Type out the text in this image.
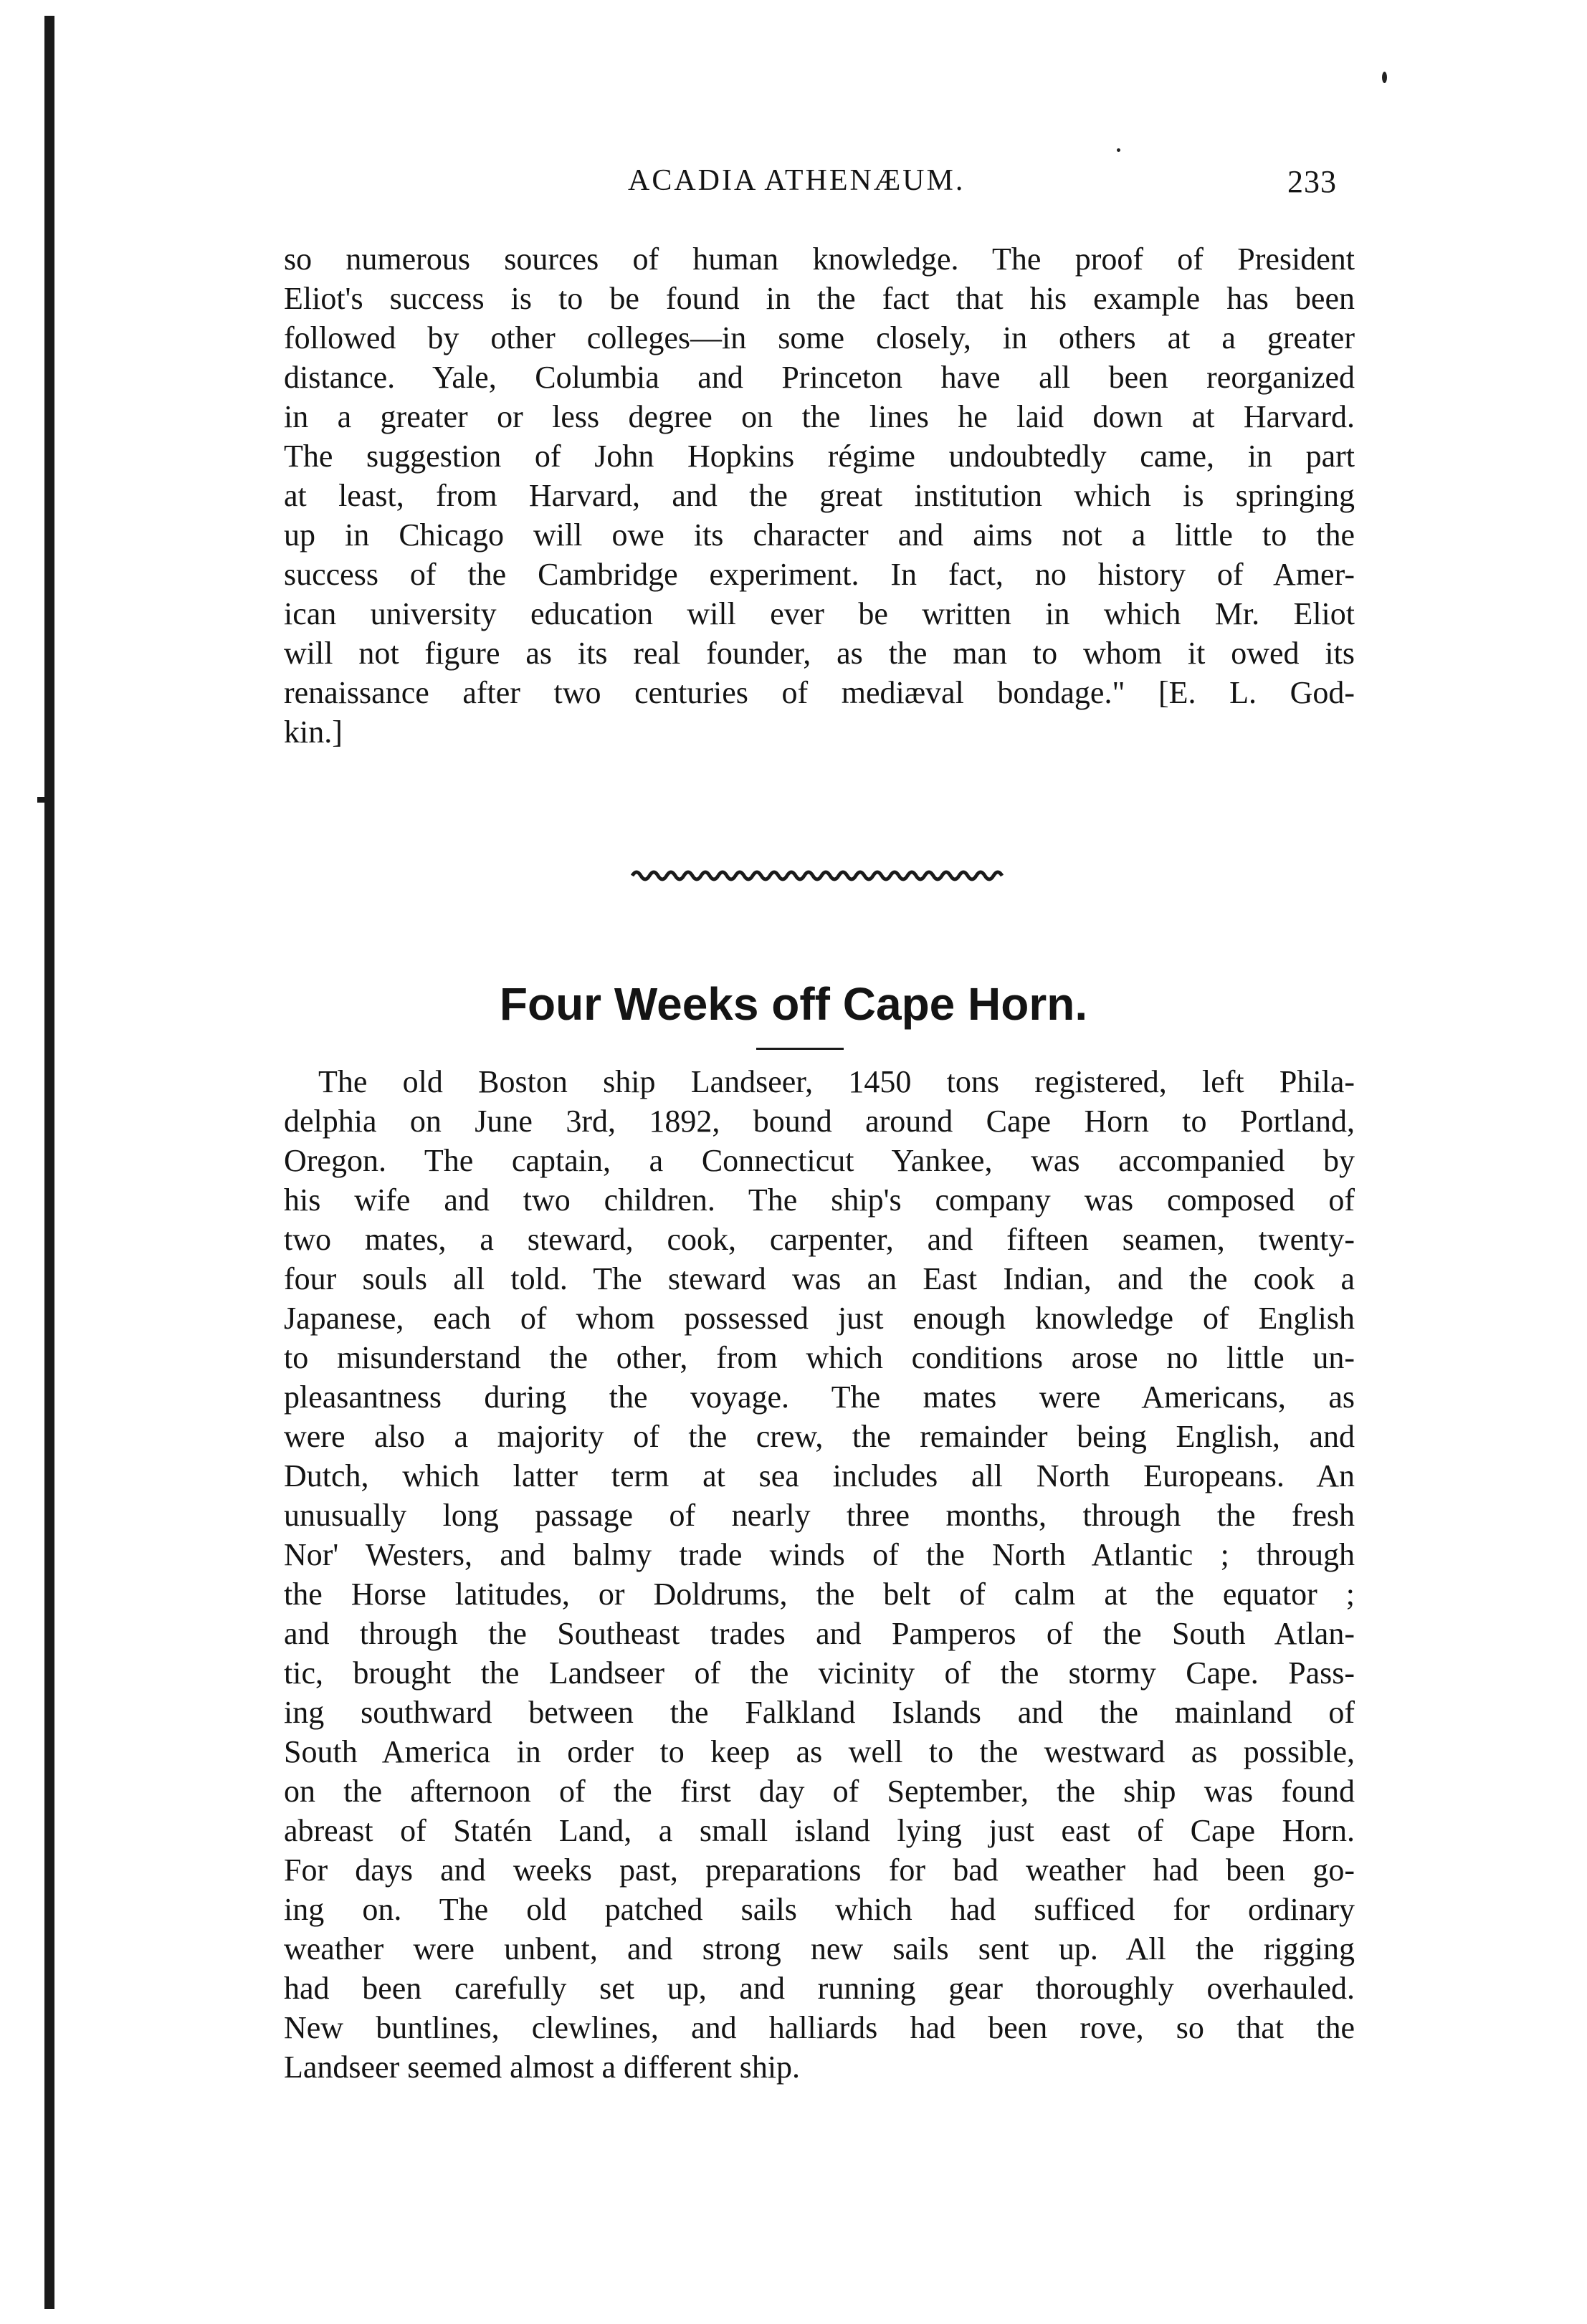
ACADIA ATHENÆUM.	233
so numerous sources of human knowledge. The proof of President
Eliot's success is to be found in the fact that his example has been
followed by other colleges—in some closely, in others at a greater
distance. Yale, Columbia and Princeton have all been reorganized
in a greater or less degree on the lines he laid down at Harvard.
The suggestion of John Hopkins régime undoubtedly came, in part
at least, from Harvard, and the great institution which is springing
up in Chicago will owe its character and aims not a little to the
success of the Cambridge experiment. In fact, no history of Amer-
ican university education will ever be written in which Mr. Eliot
will not figure as its real founder, as the man to whom it owed its
renaissance after two centuries of mediæval bondage." [E. L. God-
kin.]
Four Weeks off Cape Horn.
The old Boston ship Landseer, 1450 tons registered, left Phila-
delphia on June 3rd, 1892, bound around Cape Horn to Portland,
Oregon. The captain, a Connecticut Yankee, was accompanied by
his wife and two children. The ship's company was composed of
two mates, a steward, cook, carpenter, and fifteen seamen, twenty-
four souls all told. The steward was an East Indian, and the cook a
Japanese, each of whom possessed just enough knowledge of English
to misunderstand the other, from which conditions arose no little un-
pleasantness during the voyage. The mates were Americans, as
were also a majority of the crew, the remainder being English, and
Dutch, which latter term at sea includes all North Europeans. An
unusually long passage of nearly three months, through the fresh
Nor' Westers, and balmy trade winds of the North Atlantic ; through
the Horse latitudes, or Doldrums, the belt of calm at the equator ;
and through the Southeast trades and Pamperos of the South Atlan-
tic, brought the Landseer of the vicinity of the stormy Cape. Pass-
ing southward between the Falkland Islands and the mainland of
South America in order to keep as well to the westward as possible,
on the afternoon of the first day of September, the ship was found
abreast of Statén Land, a small island lying just east of Cape Horn.
For days and weeks past, preparations for bad weather had been go-
ing on. The old patched sails which had sufficed for ordinary
weather were unbent, and strong new sails sent up. All the rigging
had been carefully set up, and running gear thoroughly overhauled.
New buntlines, clewlines, and halliards had been rove, so that the
Landseer seemed almost a different ship.
